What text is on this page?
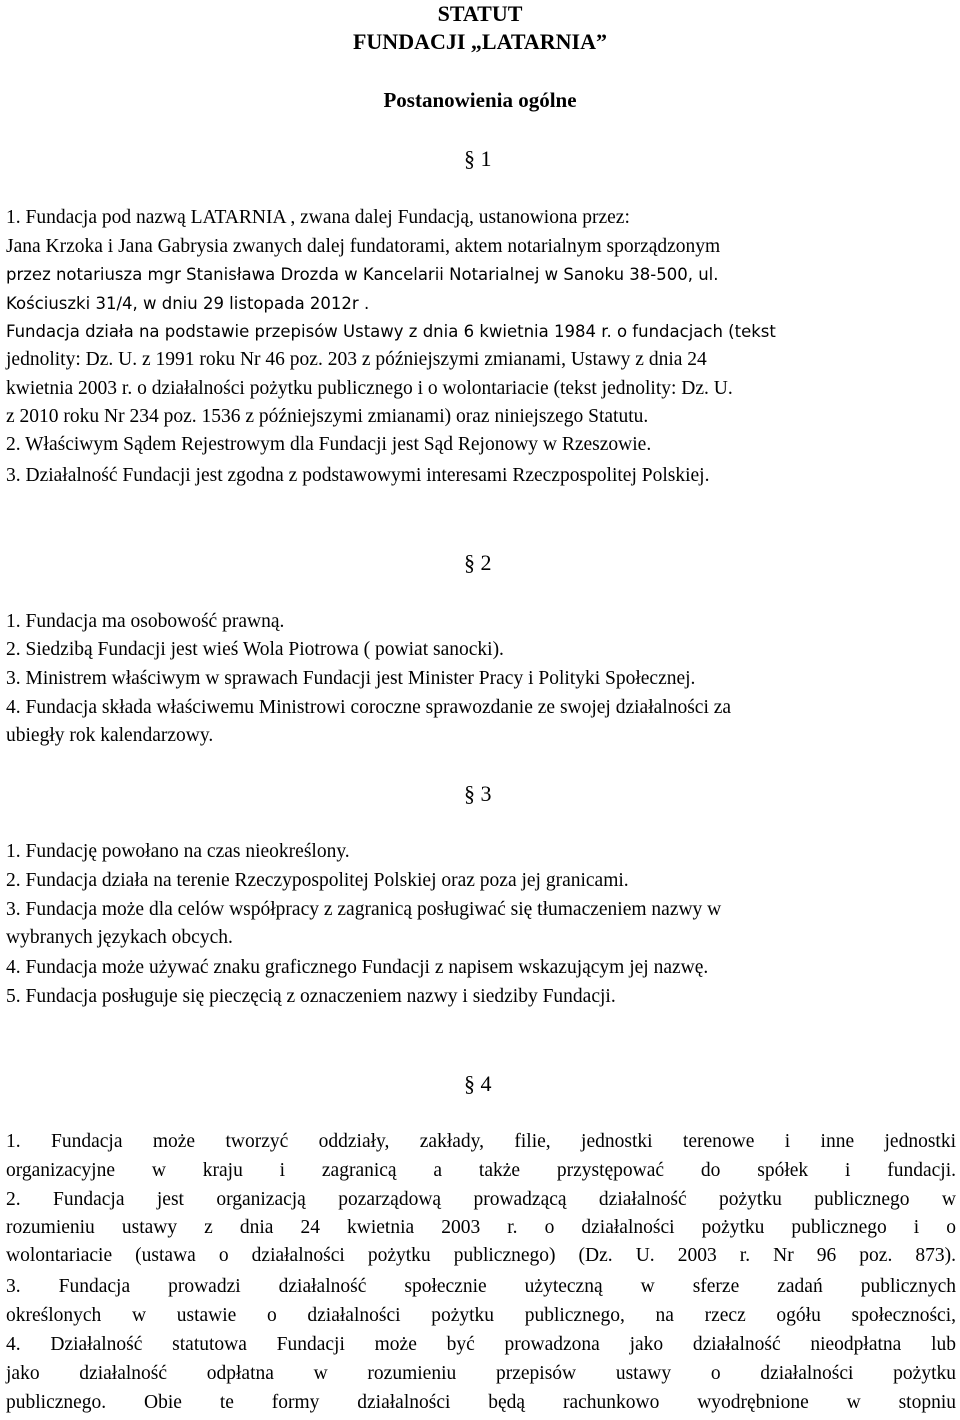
STATUT
FUNDACJI „LATARNIA”
Postanowienia ogólne
§ 1
1. Fundacja pod nazwą LATARNIA , zwana dalej Fundacją, ustanowiona przez:
Jana Krzoka i Jana Gabrysia zwanych dalej fundatorami, aktem notarialnym sporządzonym
przez notariusza mgr Stanisława Drozda w Kancelarii Notarialnej w Sanoku 38-500, ul.
Kościuszki 31/4, w dniu 29 listopada 2012r .
Fundacja działa na podstawie przepisów Ustawy z dnia 6 kwietnia 1984 r. o fundacjach (tekst
jednolity: Dz. U. z 1991 roku Nr 46 poz. 203 z późniejszymi zmianami, Ustawy z dnia 24
kwietnia 2003 r. o działalności pożytku publicznego i o wolontariacie (tekst jednolity: Dz. U.
z 2010 roku Nr 234 poz. 1536 z późniejszymi zmianami) oraz niniejszego Statutu.
2. Właściwym Sądem Rejestrowym dla Fundacji jest Sąd Rejonowy w Rzeszowie.
3. Działalność Fundacji jest zgodna z podstawowymi interesami Rzeczpospolitej Polskiej.
§ 2
1. Fundacja ma osobowość prawną.
2. Siedzibą Fundacji jest wieś Wola Piotrowa ( powiat sanocki).
3. Ministrem właściwym w sprawach Fundacji jest Minister Pracy i Polityki Społecznej.
4. Fundacja składa właściwemu Ministrowi coroczne sprawozdanie ze swojej działalności za
ubiegły rok kalendarzowy.
§ 3
1. Fundację powołano na czas nieokreślony.
2. Fundacja działa na terenie Rzeczypospolitej Polskiej oraz poza jej granicami.
3. Fundacja może dla celów współpracy z zagranicą posługiwać się tłumaczeniem nazwy w
wybranych językach obcych.
4. Fundacja może używać znaku graficznego Fundacji z napisem wskazującym jej nazwę.
5. Fundacja posługuje się pieczęcią z oznaczeniem nazwy i siedziby Fundacji.
§ 4
1. Fundacja może tworzyć oddziały, zakłady, filie, jednostki terenowe i inne jednostki
organizacyjne w kraju i zagranicą a także przystępować do spółek i fundacji.
2. Fundacja jest organizacją pozarządową prowadzącą działalność pożytku publicznego w
rozumieniu ustawy z dnia 24 kwietnia 2003 r. o działalności pożytku publicznego i o
wolontariacie (ustawa o działalności pożytku publicznego) (Dz. U. 2003 r. Nr 96 poz. 873).
3. Fundacja prowadzi działalność społecznie użyteczną w sferze zadań publicznych
określonych w ustawie o działalności pożytku publicznego, na rzecz ogółu społeczności,
4. Działalność statutowa Fundacji może być prowadzona jako działalność nieodpłatna lub
jako działalność odpłatna w rozumieniu przepisów ustawy o działalności pożytku
publicznego. Obie te formy działalności będą rachunkowo wyodrębnione w stopniu
